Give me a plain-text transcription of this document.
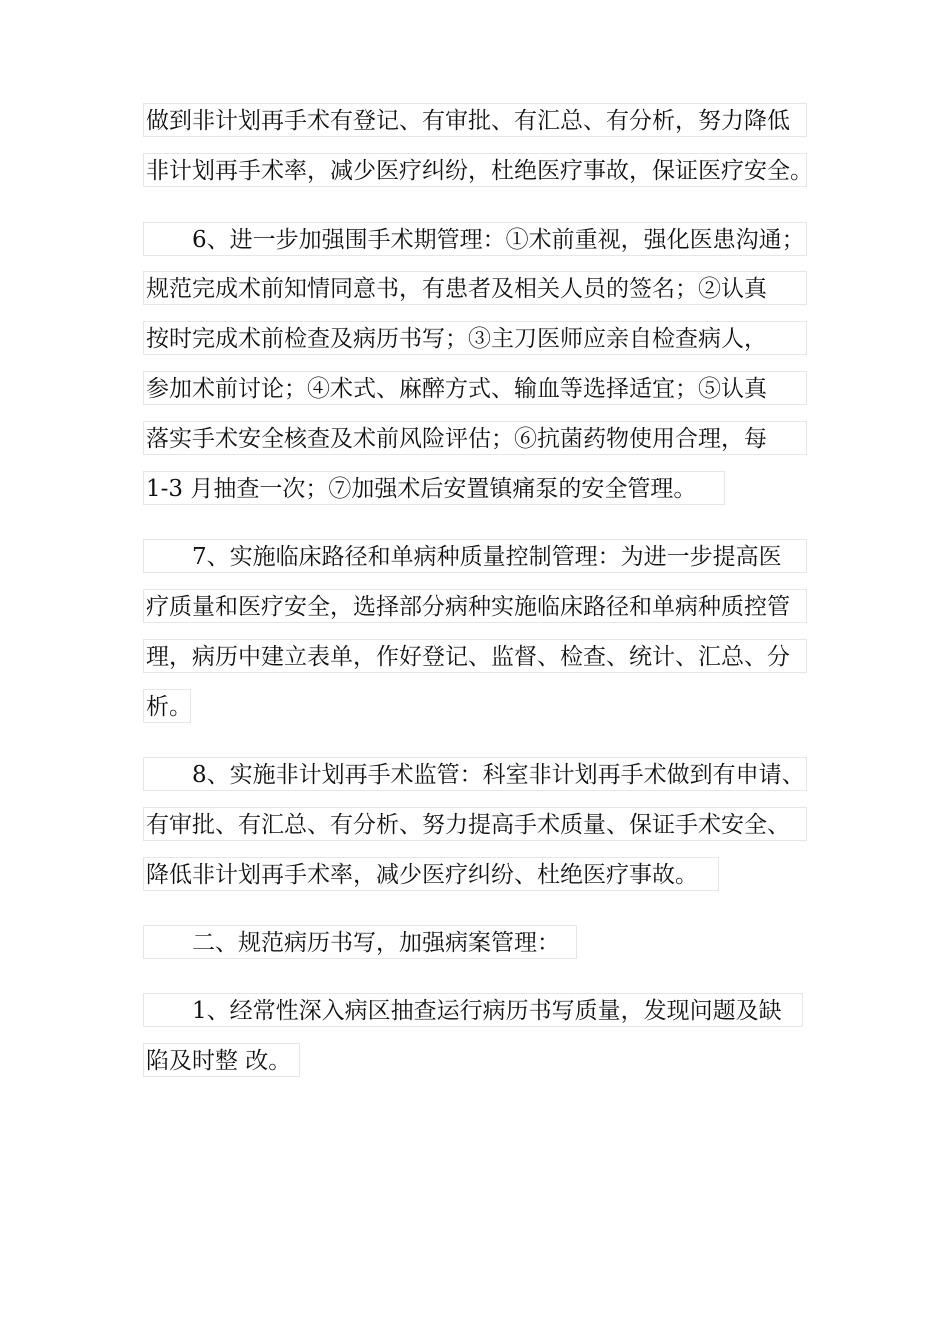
做到非计划再手术有登记、有审批、有汇总、有分析，努力降低
非计划再手术率，减少医疗纠纷，杜绝医疗事故，保证医疗安全。
6、进一步加强围手术期管理：①术前重视，强化医患沟通；
规范完成术前知情同意书，有患者及相关人员的签名；②认真
按时完成术前检查及病历书写；③主刀医师应亲自检查病人，
参加术前讨论；④术式、麻醉方式、输血等选择适宜；⑤认真
落实手术安全核查及术前风险评估；⑥抗菌药物使用合理，每
1-3 月抽查一次；⑦加强术后安置镇痛泵的安全管理。
7、实施临床路径和单病种质量控制管理：为进一步提高医
疗质量和医疗安全，选择部分病种实施临床路径和单病种质控管
理，病历中建立表单，作好登记、监督、检查、统计、汇总、分
析。
8、实施非计划再手术监管：科室非计划再手术做到有申请、
有审批、有汇总、有分析、努力提高手术质量、保证手术安全、
降低非计划再手术率，减少医疗纠纷、杜绝医疗事故。
二、规范病历书写，加强病案管理：
1、经常性深入病区抽查运行病历书写质量，发现问题及缺
陷及时整 改。
